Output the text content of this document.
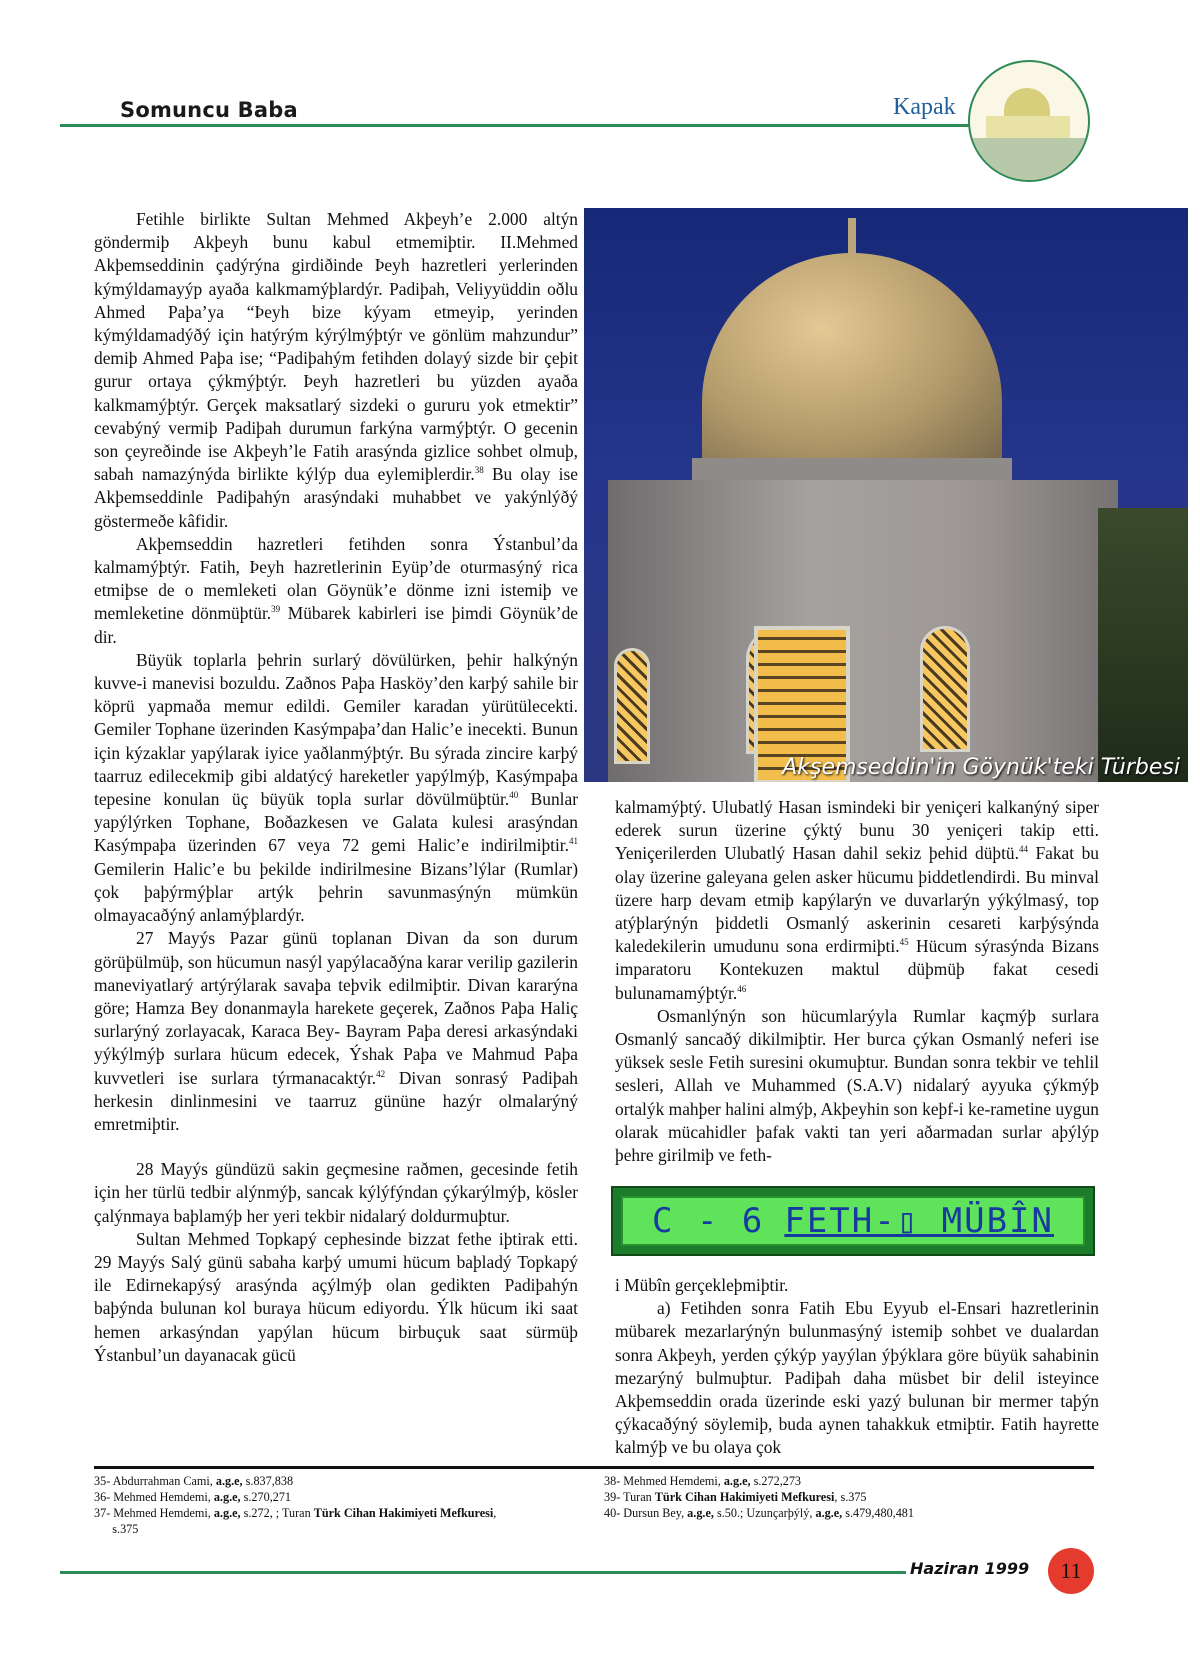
Somuncu Baba	Kapak

Fetihle birlikte Sultan Mehmed Akþeyh’e 2.000 altýn göndermiþ Akþeyh bunu kabul etmemiþtir. II.Mehmed Akþemseddinin çadýrýna girdiðinde Þeyh hazretleri yerlerinden kýmýldamayýp ayaða kalkmamýþlardýr. Padiþah, Veliyyüddin oðlu Ahmed Paþa’ya “Þeyh bize kýyam etmeyip, yerinden kýmýldamadýðý için hatýrým kýrýlmýþtýr ve gönlüm mahzundur” demiþ Ahmed Paþa ise; “Padiþahým fetihden dolayý sizde bir çeþit gurur ortaya çýkmýþtýr. Þeyh hazretleri bu yüzden ayaða kalkmamýþtýr. Gerçek maksatlarý sizdeki o gururu yok etmektir” cevabýný vermiþ Padiþah durumun farkýna varmýþtýr. O gecenin son çeyreðinde ise Akþeyh’le Fatih arasýnda gizlice sohbet olmuþ, sabah namazýnýda birlikte kýlýp dua eylemiþlerdir.$^{38}$ Bu olay ise Akþemseddinle Padiþahýn arasýndaki muhabbet ve yakýnlýðý göstermeðe kâfidir.

Akþemseddin hazretleri fetihden sonra Ýstanbul’da kalmamýþtýr. Fatih, Þeyh hazretlerinin Eyüp’de oturmasýný rica etmiþse de o memleketi olan Göynük’e dönme izni istemiþ ve memleketine dönmüþtür.$^{39}$ Mübarek kabirleri ise þimdi Göynük’de dir.

Büyük toplarla þehrin surlarý dövülürken, þehir halkýnýn kuvve-i manevisi bozuldu. Zaðnos Paþa Hasköy’den karþý sahile bir köprü yapmaða memur edildi. Gemiler karadan yürütülecekti. Gemiler Tophane üzerinden Kasýmpaþa’dan Halic’e inecekti. Bunun için kýzaklar yapýlarak iyice yaðlanmýþtýr. Bu sýrada zincire karþý taarruz edilecekmiþ gibi aldatýcý hareketler yapýlmýþ, Kasýmpaþa tepesine konulan üç büyük topla surlar dövülmüþtür.$^{40}$ Bunlar yapýlýrken Tophane, Boðazkesen ve Galata kulesi arasýndan Kasýmpaþa üzerinden 67 veya 72 gemi Halic’e indirilmiþtir.$^{41}$ Gemilerin Halic’e bu þekilde indirilmesine Bizans’lýlar (Rumlar) çok þaþýrmýþlar artýk þehrin savunmasýnýn mümkün olmayacaðýný anlamýþlardýr.

27 Mayýs Pazar günü toplanan Divan da son durum görüþülmüþ, son hücumun nasýl yapýlacaðýna karar verilip gazilerin maneviyatlarý artýrýlarak savaþa teþvik edilmiþtir. Divan kararýna göre; Hamza Bey donanmayla harekete geçerek, Zaðnos Paþa Haliç surlarýný zorlayacak, Karaca Bey- Bayram Paþa deresi arkasýndaki yýkýlmýþ surlara hücum edecek, Ýshak Paþa ve Mahmud Paþa kuvvetleri ise surlara týrmanacaktýr.$^{42}$ Divan sonrasý Padiþah herkesin dinlinmesini ve taarruz gününe hazýr olmalarýný emretmiþtir.

28 Mayýs gündüzü sakin geçmesine raðmen, gecesinde fetih için her türlü tedbir alýnmýþ, sancak kýlýfýndan çýkarýlmýþ, kösler çalýnmaya baþlamýþ her yeri tekbir nidalarý doldurmuþtur.

Sultan Mehmed Topkapý cephesinde bizzat fethe iþtirak etti. 29 Mayýs Salý günü sabaha karþý umumi hücum baþladý Topkapý ile Edirnekapýsý arasýnda açýlmýþ olan gedikten Padiþahýn baþýnda bulunan kol buraya hücum ediyordu. Ýlk hücum iki saat hemen arkasýndan yapýlan hücum birbuçuk saat sürmüþ Ýstanbul’un dayanacak gücü

Akşemseddin'in Göynük'teki Türbesi

kalmamýþtý. Ulubatlý Hasan ismindeki bir yeniçeri kalkanýný siper ederek surun üzerine çýktý bunu 30 yeniçeri takip etti. Yeniçerilerden Ulubatlý Hasan dahil sekiz þehid düþtü.$^{44}$ Fakat bu olay üzerine galeyana gelen asker hücumu þiddetlendirdi. Bu minval üzere harp devam etmiþ kapýlarýn ve duvarlarýn yýkýlmasý, top atýþlarýnýn þiddetli Osmanlý askerinin cesareti karþýsýnda kaledekilerin umudunu sona erdirmiþti.$^{45}$ Hücum sýrasýnda Bizans imparatoru Kontekuzen maktul düþmüþ fakat cesedi bulunamamýþtýr.$^{46}$

Osmanlýnýn son hücumlarýyla Rumlar kaçmýþ surlara Osmanlý sancaðý dikilmiþtir. Her burca çýkan Osmanlý neferi ise yüksek sesle Fetih suresini okumuþtur. Bundan sonra tekbir ve tehlil sesleri, Allah ve Muhammed (S.A.V) nidalarý ayyuka çýkmýþ ortalýk mahþer halini almýþ, Akþeyhin son keþf-i ke-rametine uygun olarak mücahidler þafak vakti tan yeri aðarmadan surlar aþýlýp þehre girilmiþ ve feth-

C - 6 FETH-▯ MÜBÎN

i Mübîn gerçekleþmiþtir.

a) Fetihden sonra Fatih Ebu Eyyub el-Ensari hazretlerinin mübarek mezarlarýnýn bulunmasýný istemiþ sohbet ve dualardan sonra Akþeyh, yerden çýkýp yayýlan ýþýklara göre büyük sahabinin mezarýný bulmuþtur. Padiþah daha müsbet bir delil isteyince Akþemseddin orada üzerinde eski yazý bulunan bir mermer taþýn çýkacaðýný söylemiþ, buda aynen tahakkuk etmiþtir. Fatih hayrette kalmýþ ve bu olaya çok

35- Abdurrahman Cami, a.g.e, s.837,838
36- Mehmed Hemdemi, a.g.e, s.270,271
37- Mehmed Hemdemi, a.g.e, s.272, ; Turan Türk Cihan Hakimiyeti Mefkuresi,
s.375
38- Mehmed Hemdemi, a.g.e, s.272,273
39- Turan Türk Cihan Hakimiyeti Mefkuresi, s.375
40- Dursun Bey, a.g.e, s.50.; Uzunçarþýlý, a.g.e, s.479,480,481
Haziran 1999	11
